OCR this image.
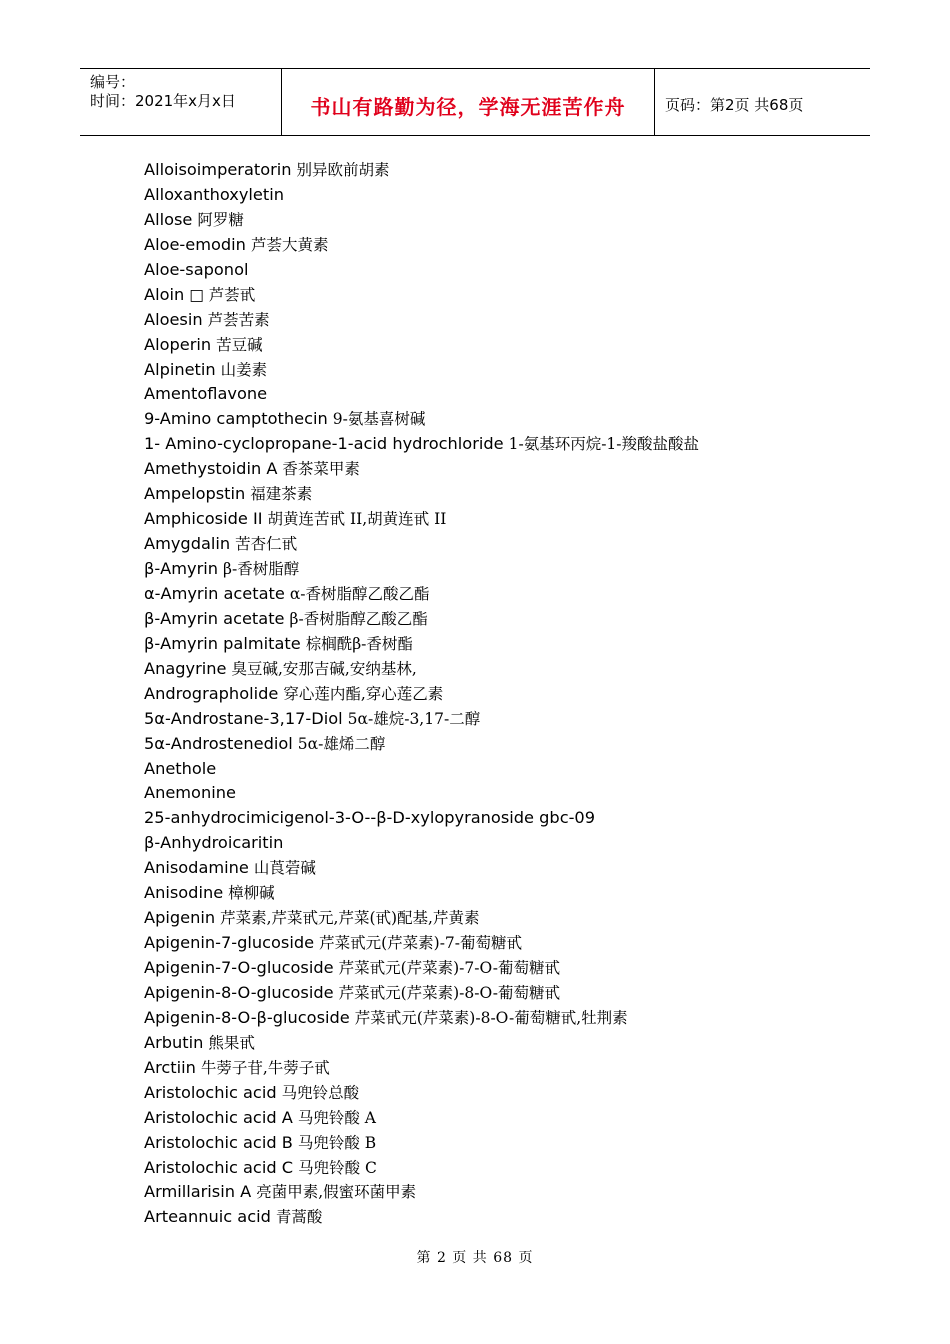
编号：
时间：2021年x月x日	书山有路勤为径，学海无涯苦作舟	页码：第2页 共68页
Alloisoimperatorin 别异欧前胡素
Alloxanthoxyletin
Allose 阿罗糖
Aloe-emodin 芦荟大黄素
Aloe-saponol
Aloin □ 芦荟甙
Aloesin 芦荟苦素
Aloperin 苦豆碱
Alpinetin 山姜素
Amentoflavone
9-Amino camptothecin 9-氨基喜树碱
1- Amino-cyclopropane-1-acid hydrochloride 1-氨基环丙烷-1-羧酸盐酸盐
Amethystoidin A 香茶菜甲素
Ampelopstin 福建茶素
Amphicoside II 胡黄连苦甙 II,胡黄连甙 II
Amygdalin 苦杏仁甙
β-Amyrin β-香树脂醇
α-Amyrin acetate α-香树脂醇乙酸乙酯
β-Amyrin acetate β-香树脂醇乙酸乙酯
β-Amyrin palmitate 棕榈酰β-香树酯
Anagyrine 臭豆碱,安那吉碱,安纳基林,
Andrographolide 穿心莲内酯,穿心莲乙素
5α-Androstane-3,17-Diol 5α-雄烷-3,17-二醇
5α-Androstenediol 5α-雄烯二醇
Anethole
Anemonine
25-anhydrocimicigenol-3-O--β-D-xylopyranoside gbc-09
β-Anhydroicaritin
Anisodamine 山莨菪碱
Anisodine 樟柳碱
Apigenin 芹菜素,芹菜甙元,芹菜(甙)配基,芹黄素
Apigenin-7-glucoside 芹菜甙元(芹菜素)-7-葡萄糖甙
Apigenin-7-O-glucoside 芹菜甙元(芹菜素)-7-O-葡萄糖甙
Apigenin-8-O-glucoside 芹菜甙元(芹菜素)-8-O-葡萄糖甙
Apigenin-8-O-β-glucoside 芹菜甙元(芹菜素)-8-O-葡萄糖甙,牡荆素
Arbutin 熊果甙
Arctiin 牛蒡子苷,牛蒡子甙
Aristolochic acid 马兜铃总酸
Aristolochic acid A 马兜铃酸 A
Aristolochic acid B 马兜铃酸 B
Aristolochic acid C 马兜铃酸 C
Armillarisin A 亮菌甲素,假蜜环菌甲素
Arteannuic acid 青蒿酸
第 2 页 共 68 页
